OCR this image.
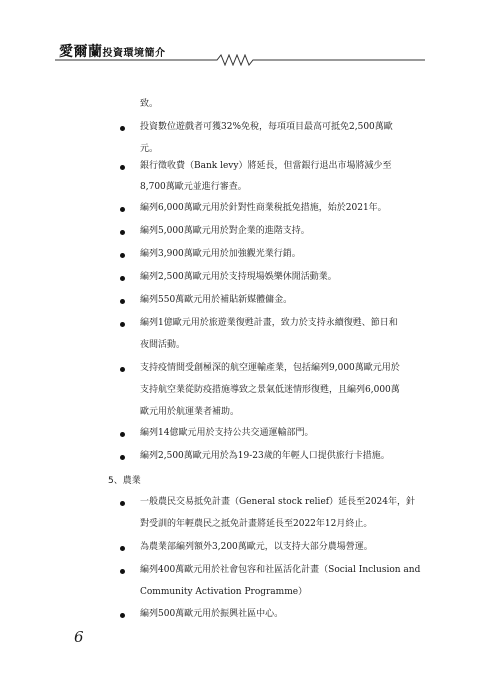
愛爾蘭投資環境簡介
致。
投資數位遊戲者可獲32%免稅，每項項目最高可抵免2,500萬歐
元。
銀行徵收費（Bank levy）將延長，但當銀行退出市場將減少至
8,700萬歐元並進行審查。
編列6,000萬歐元用於針對性商業稅抵免措施，始於2021年。
編列5,000萬歐元用於對企業的進階支持。
編列3,900萬歐元用於加強觀光業行銷。
編列2,500萬歐元用於支持現場娛樂休閒活動業。
編列550萬歐元用於補貼新媒體傭金。
編列1億歐元用於旅遊業復甦計畫，致力於支持永續復甦、節日和
夜間活動。
支持疫情間受創極深的航空運輸產業，包括編列9,000萬歐元用於
支持航空業從防疫措施導致之景氣低迷情形復甦，且編列6,000萬
歐元用於航運業者補助。
編列14億歐元用於支持公共交通運輸部門。
編列2,500萬歐元用於為19-23歲的年輕人口提供旅行卡措施。
5、農業
一般農民交易抵免計畫（General stock relief）延長至2024年，針
對受訓的年輕農民之抵免計畫將延長至2022年12月終止。
為農業部編列額外3,200萬歐元，以支持大部分農場營運。
編列400萬歐元用於社會包容和社區活化計畫（Social Inclusion and
Community Activation Programme）
編列500萬歐元用於振興社區中心。
6
